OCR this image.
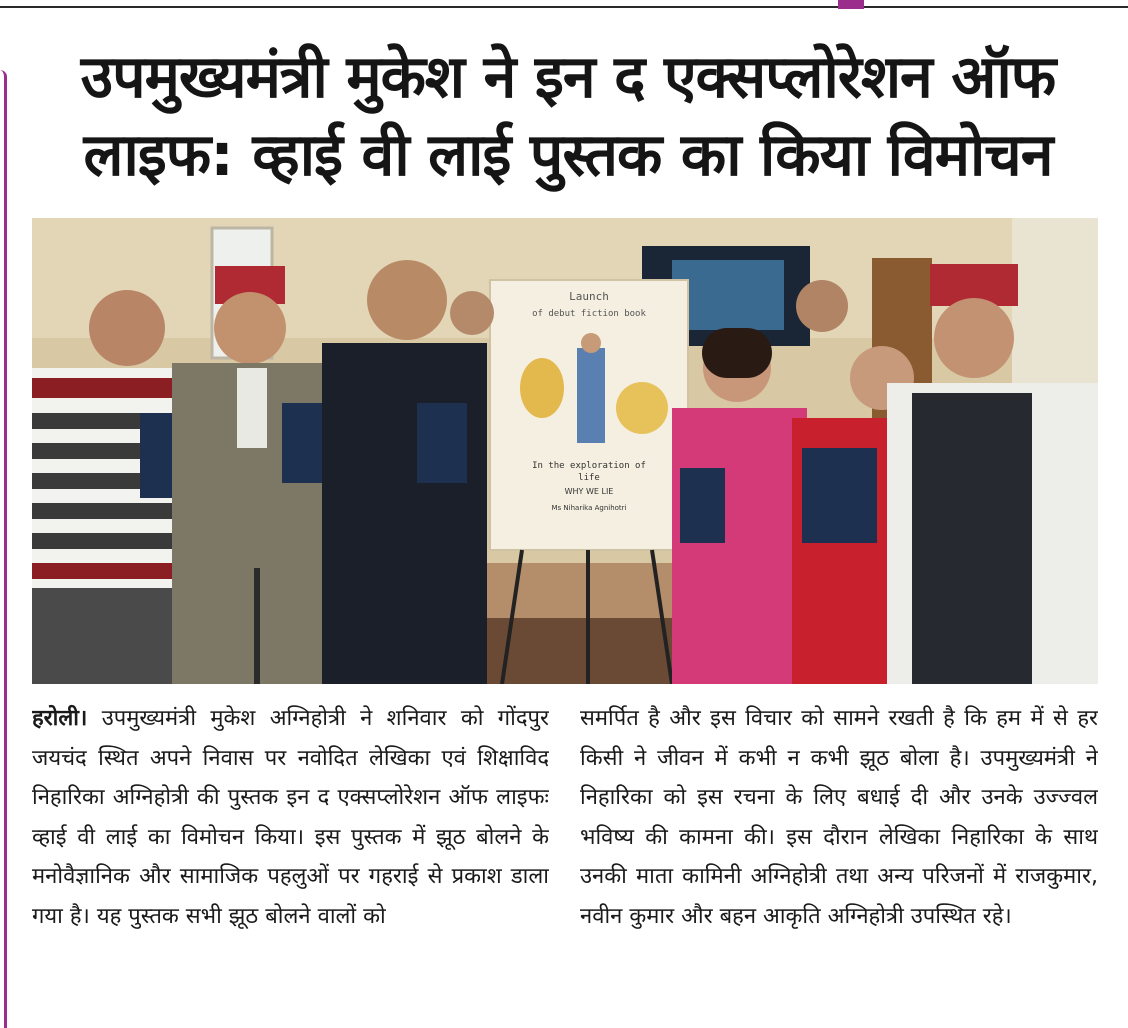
उपमुख्यमंत्री मुकेश ने इन द एक्सप्लोरेशन ऑफ लाइफ: व्हाई वी लाई पुस्तक का किया विमोचन
Launch
of debut fiction book
In the exploration of
life
WHY WE LIE
Ms Niharika Agnihotri

हरोली। उपमुख्यमंत्री मुकेश अग्निहोत्री ने शनिवार को गोंदपुर जयचंद स्थित अपने निवास पर नवोदित लेखिका एवं शिक्षाविद निहारिका अग्निहोत्री की पुस्तक इन द एक्सप्लोरेशन ऑफ लाइफः व्हाई वी लाई का विमोचन किया। इस पुस्तक में झूठ बोलने के मनोवैज्ञानिक और सामाजिक पहलुओं पर गहराई से प्रकाश डाला गया है। यह पुस्तक सभी झूठ बोलने वालों को

समर्पित है और इस विचार को सामने रखती है कि हम में से हर किसी ने जीवन में कभी न कभी झूठ बोला है। उपमुख्यमंत्री ने निहारिका को इस रचना के लिए बधाई दी और उनके उज्ज्वल भविष्य की कामना की। इस दौरान लेखिका निहारिका के साथ उनकी माता कामिनी अग्निहोत्री तथा अन्य परिजनों में राजकुमार, नवीन कुमार और बहन आकृति अग्निहोत्री उपस्थित रहे।
